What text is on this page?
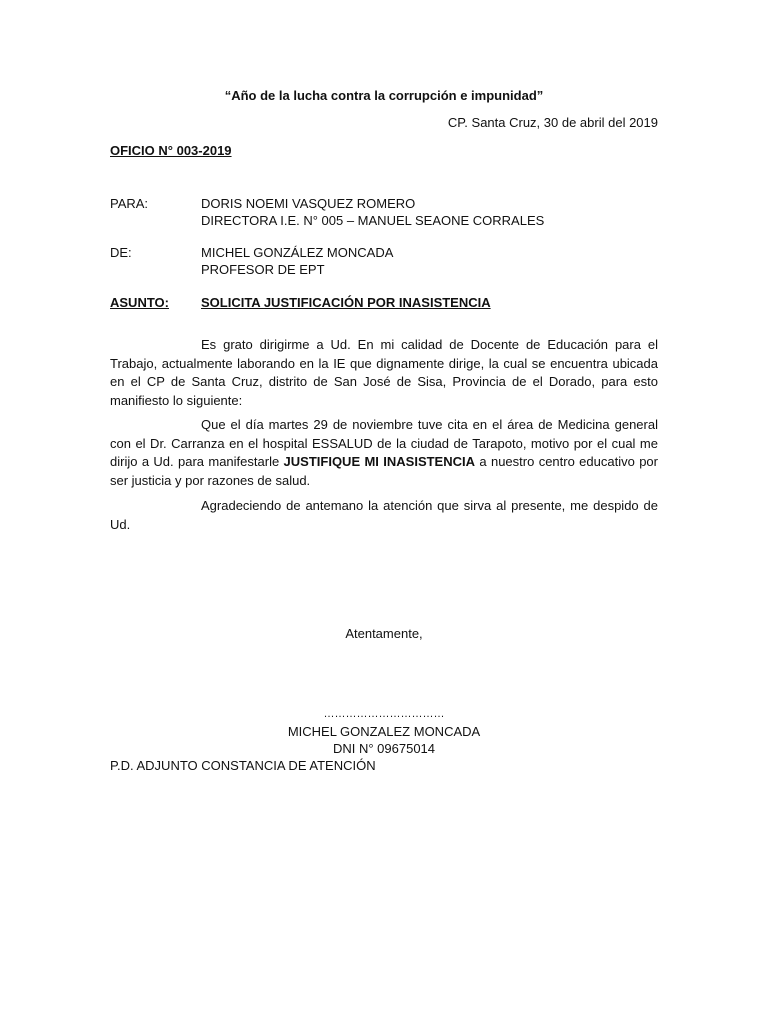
“Año de la lucha contra la corrupción e impunidad”
CP. Santa Cruz, 30 de abril del 2019
OFICIO N° 003-2019
PARA:	DORIS NOEMI VASQUEZ ROMERO
DIRECTORA I.E. N° 005 – MANUEL SEAONE CORRALES
DE:	MICHEL GONZÁLEZ MONCADA
PROFESOR DE EPT
ASUNTO: SOLICITA JUSTIFICACIÓN POR INASISTENCIA

Es grato dirigirme a Ud. En mi calidad de Docente de Educación para el Trabajo, actualmente laborando en la IE que dignamente dirige, la cual se encuentra ubicada en el CP de Santa Cruz, distrito de San José de Sisa, Provincia de el Dorado, para esto manifiesto lo siguiente:

Que el día martes 29 de noviembre tuve cita en el área de Medicina general con el Dr. Carranza en el hospital ESSALUD de la ciudad de Tarapoto, motivo por el cual me dirijo a Ud. para manifestarle JUSTIFIQUE MI INASISTENCIA a nuestro centro educativo por ser justicia y por razones de salud.

Agradeciendo de antemano la atención que sirva al presente, me despido de Ud.

Atentamente,
……………………………
MICHEL GONZALEZ MONCADA
DNI N° 09675014
P.D. ADJUNTO CONSTANCIA DE ATENCIÓN
